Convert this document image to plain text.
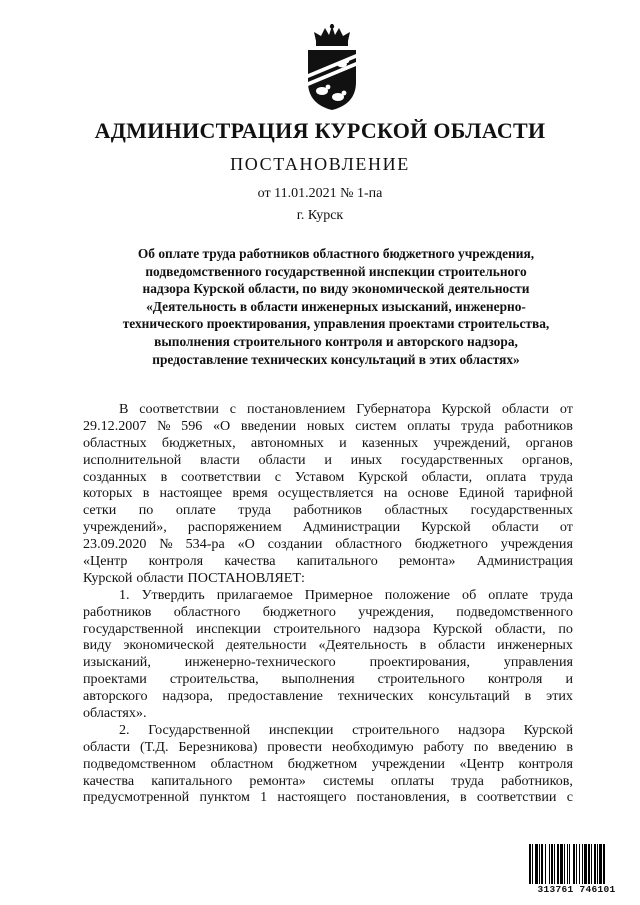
АДМИНИСТРАЦИЯ КУРСКОЙ ОБЛАСТИ
ПОСТАНОВЛЕНИЕ
от 11.01.2021 № 1-па
г. Курск
Об оплате труда работников областного бюджетного учреждения,
подведомственного государственной инспекции строительного
надзора Курской области, по виду экономической деятельности
«Деятельность в области инженерных изысканий, инженерно-
технического проектирования, управления проектами строительства,
выполнения строительного контроля и авторского надзора,
предоставление технических консультаций в этих областях»
В соответствии с постановлением Губернатора Курской области от
29.12.2007 № 596 «О введении новых систем оплаты труда работников
областных бюджетных, автономных и казенных учреждений, органов
исполнительной власти области и иных государственных органов,
созданных в соответствии с Уставом Курской области, оплата труда
которых в настоящее время осуществляется на основе Единой тарифной
сетки по оплате труда работников областных государственных
учреждений», распоряжением Администрации Курской области от
23.09.2020 № 534-ра «О создании областного бюджетного учреждения
«Центр контроля качества капитального ремонта» Администрация
Курской области ПОСТАНОВЛЯЕТ:
1. Утвердить прилагаемое Примерное положение об оплате труда
работников областного бюджетного учреждения, подведомственного
государственной инспекции строительного надзора Курской области, по
виду экономической деятельности «Деятельность в области инженерных
изысканий, инженерно-технического проектирования, управления
проектами строительства, выполнения строительного контроля и
авторского надзора, предоставление технических консультаций в этих
областях».
2. Государственной инспекции строительного надзора Курской
области (Т.Д. Березникова) провести необходимую работу по введению в
подведомственном областном бюджетном учреждении «Центр контроля
качества капитального ремонта» системы оплаты труда работников,
предусмотренной пунктом 1 настоящего постановления, в соответствии с
313761 746101
